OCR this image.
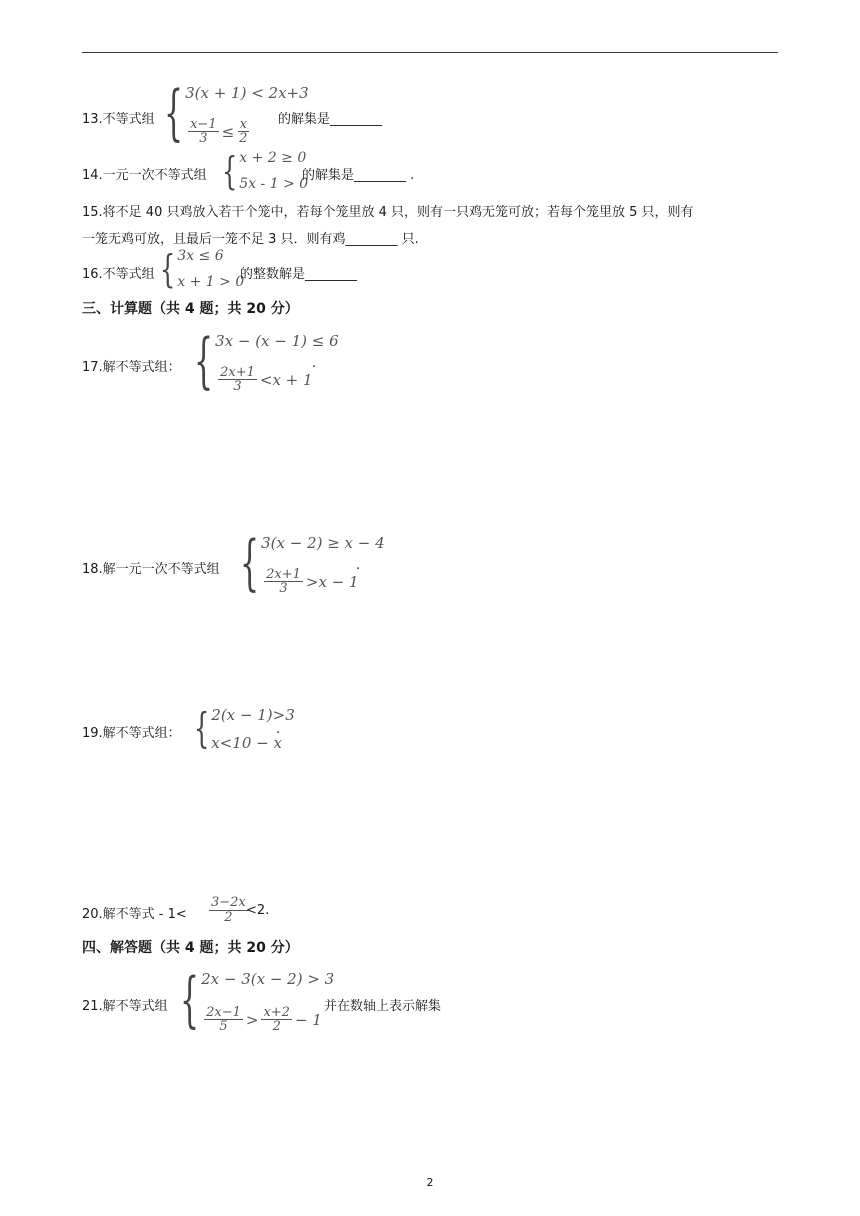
13.不等式组 { 3(x + 1) < 2x+3
$\frac{x-1}{3} \le \frac{x}{2}$ 的解集是________
14.一元一次不等式组 { x + 2 ≥ 0
5x - 1 > 0
的解集是________ .
15.将不足 40 只鸡放入若干个笼中，若每个笼里放 4 只，则有一只鸡无笼可放；若每个笼里放 5 只，则有
一笼无鸡可放，且最后一笼不足 3 只．则有鸡________ 只.
16.不等式组 { 3x ≤ 6
x + 1 > 0
的整数解是________
三、计算题（共 4 题；共 20 分）
17.解不等式组： { 3x − (x − 1) ≤ 6
$\frac{2x+1}{3} <x + 1$
.
18.解一元一次不等式组 { 3(x − 2) ≥ x − 4
$\frac{2x+1}{3} >x - 1$
.
19.解不等式组： { 2(x − 1)>3
x<10 − x
.
20.解不等式 - $1< \frac{3-2x}{2}$
<2.
四、解答题（共 4 题；共 20 分）
21.解不等式组 { 2x − 3(x − 2) > 3
$\frac{2x-1}{5} > \frac{x+2}{2} - 1$
并在数轴上表示解集
2
